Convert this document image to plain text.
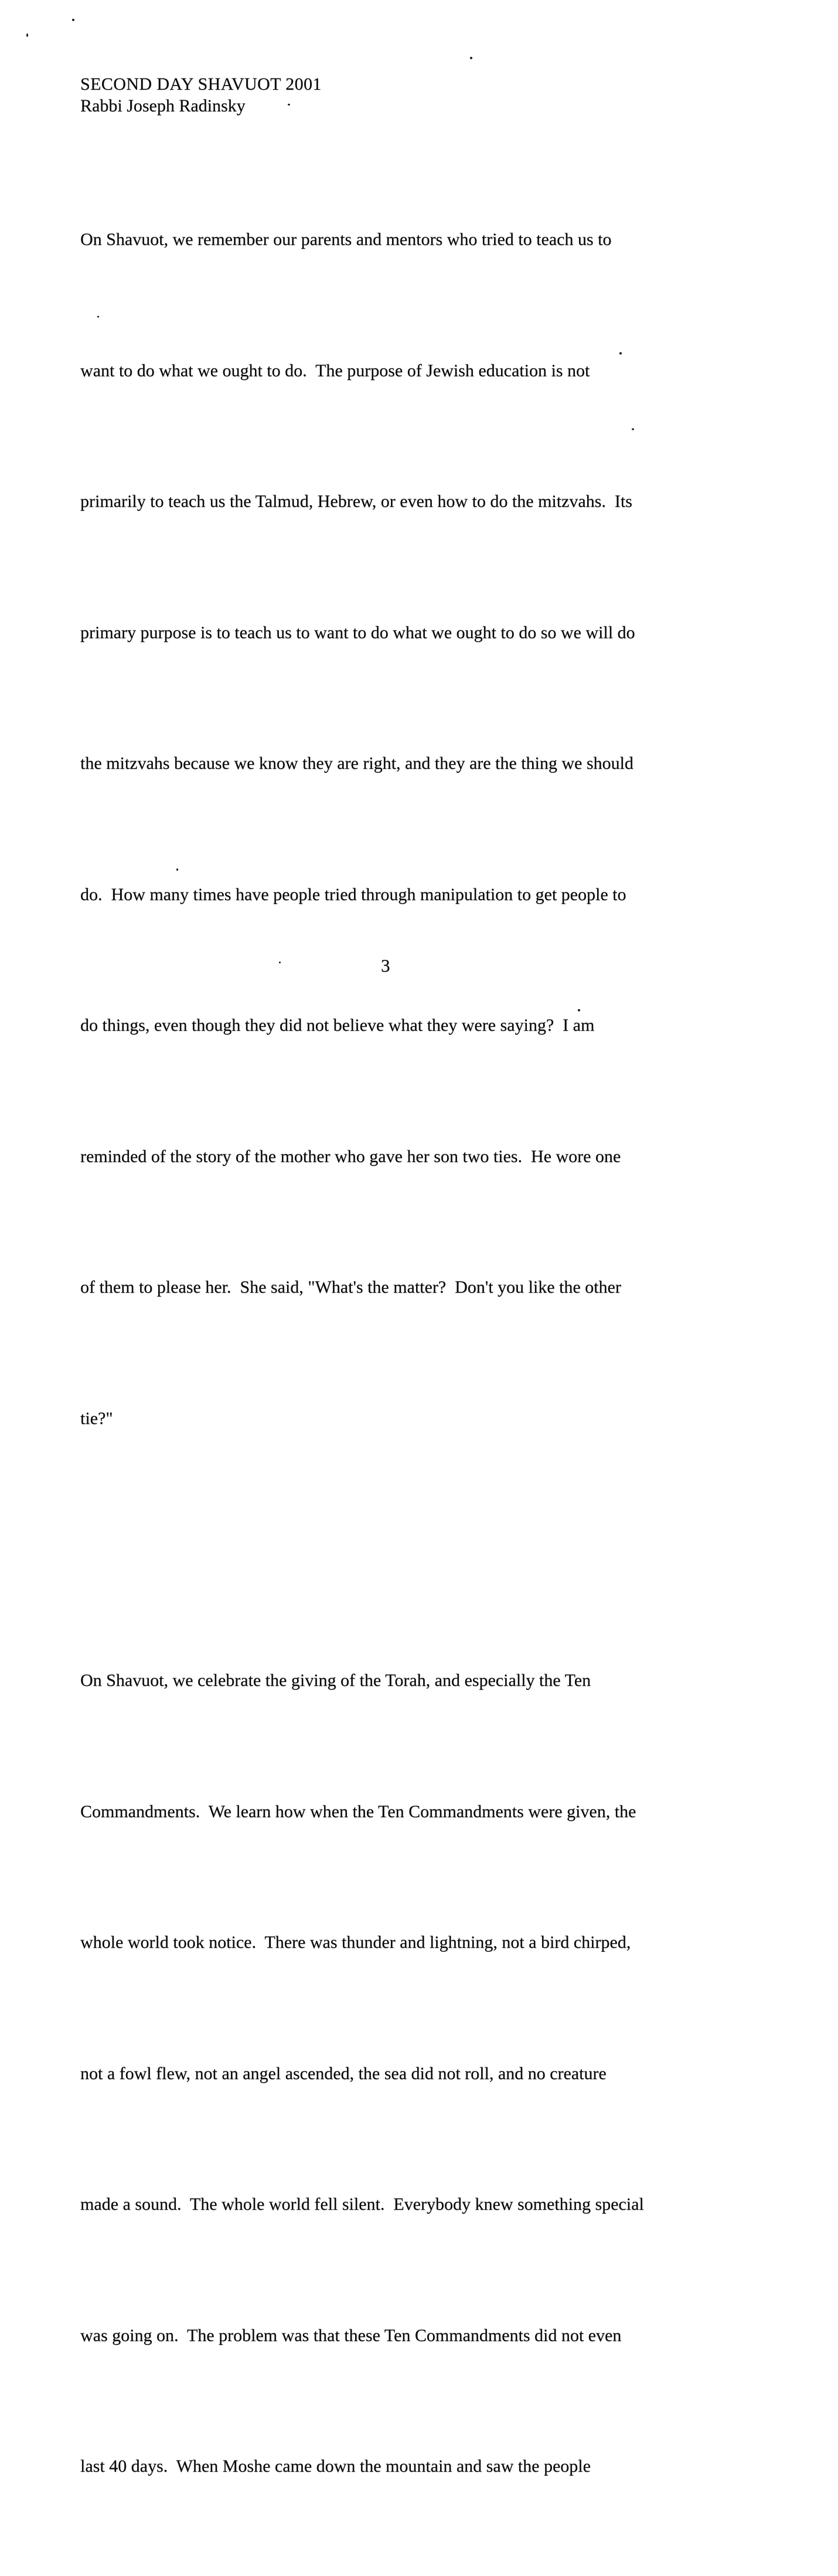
SECOND DAY SHAVUOT 2001
Rabbi Joseph Radinsky

On Shavuot, we remember our parents and mentors who tried to teach us to

want to do what we ought to do.  The purpose of Jewish education is not

primarily to teach us the Talmud, Hebrew, or even how to do the mitzvahs.  Its

primary purpose is to teach us to want to do what we ought to do so we will do

the mitzvahs because we know they are right, and they are the thing we should

do.  How many times have people tried through manipulation to get people to

do things, even though they did not believe what they were saying?  I am

reminded of the story of the mother who gave her son two ties.  He wore one

of them to please her.  She said, "What's the matter?  Don't you like the other

tie?"

On Shavuot, we celebrate the giving of the Torah, and especially the Ten

Commandments.  We learn how when the Ten Commandments were given, the

whole world took notice.  There was thunder and lightning, not a bird chirped,

not a fowl flew, not an angel ascended, the sea did not roll, and no creature

made a sound.  The whole world fell silent.  Everybody knew something special

was going on.  The problem was that these Ten Commandments did not even

last 40 days.  When Moshe came down the mountain and saw the people

3
